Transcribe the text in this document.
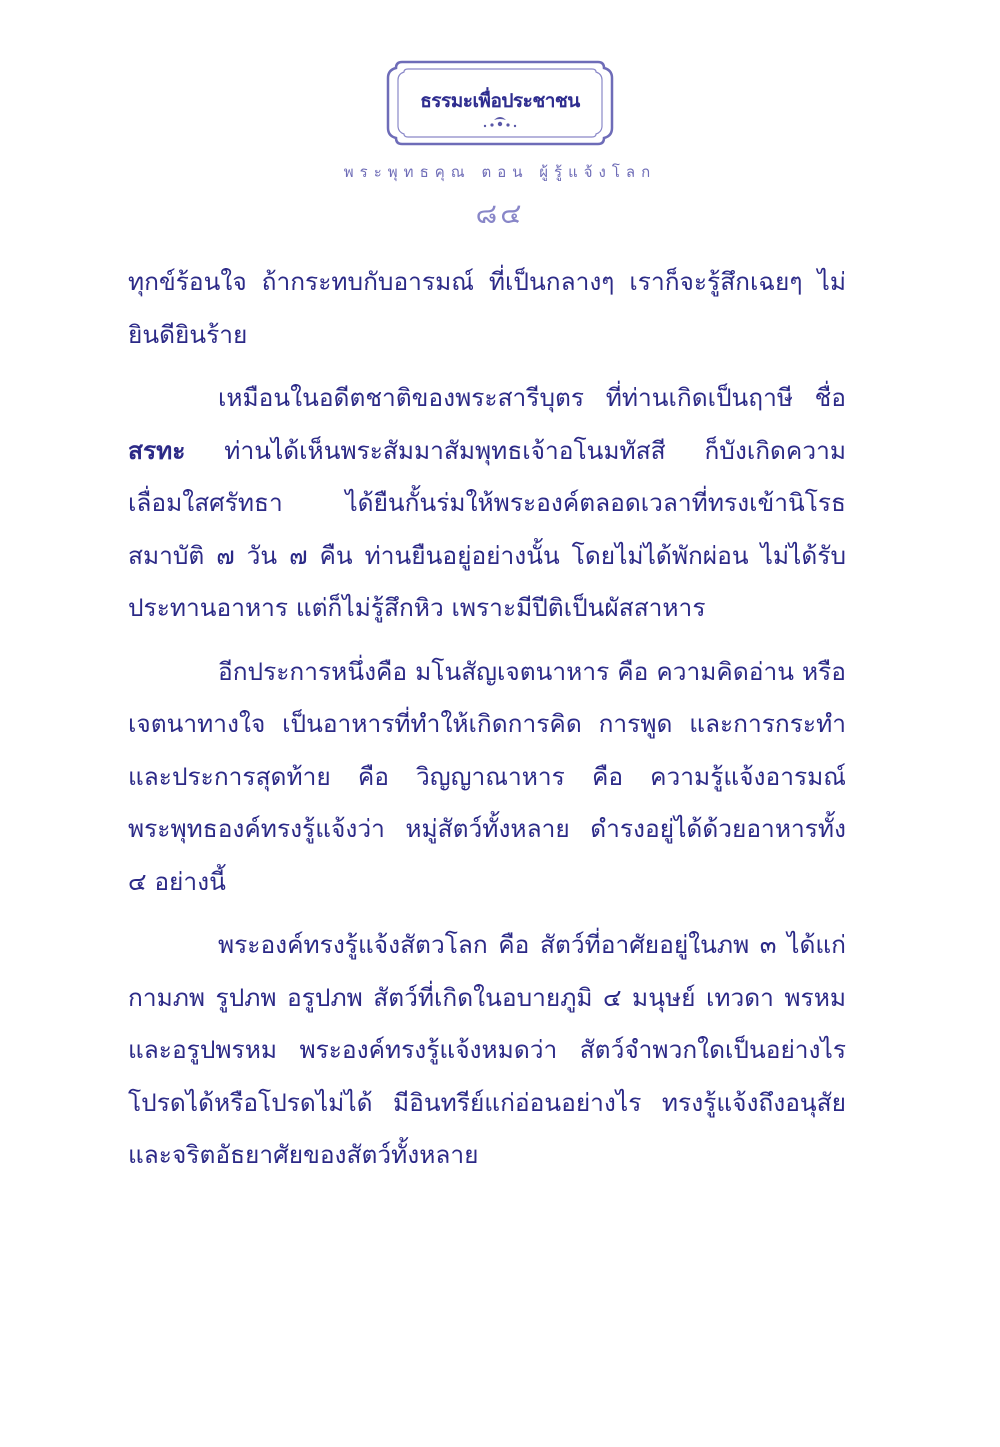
ธรรมะเพื่อประชาชน
พระพุทธคุณ ตอน ผู้รู้แจ้งโลก
๘๔

ทุกข์ร้อนใจ ถ้ากระทบกับอารมณ์ ที่เป็นกลางๆ เราก็จะรู้สึกเฉยๆ ไม่ยินดียินร้าย

เหมือนในอดีตชาติของพระสารีบุตร ที่ท่านเกิดเป็นฤาษี ชื่อ สรทะ ท่านได้เห็นพระสัมมาสัมพุทธเจ้าอโนมทัสสี ก็บังเกิดความเลื่อมใสศรัทธา ได้ยืนกั้นร่มให้พระองค์ตลอดเวลาที่ทรงเข้านิโรธสมาบัติ ๗ วัน ๗ คืน ท่านยืนอยู่อย่างนั้น โดยไม่ได้พักผ่อน ไม่ได้รับประทานอาหาร แต่ก็ไม่รู้สึกหิว เพราะมีปีติเป็นผัสสาหาร

อีกประการหนึ่งคือ มโนสัญเจตนาหาร คือ ความคิดอ่าน หรือเจตนาทางใจ เป็นอาหารที่ทำให้เกิดการคิด การพูด และการกระทำ และประการสุดท้าย คือ วิญญาณาหาร คือ ความรู้แจ้งอารมณ์ พระพุทธองค์ทรงรู้แจ้งว่า หมู่สัตว์ทั้งหลาย ดำรงอยู่ได้ด้วยอาหารทั้ง ๔ อย่างนี้

พระองค์ทรงรู้แจ้งสัตวโลก คือ สัตว์ที่อาศัยอยู่ในภพ ๓ ได้แก่ กามภพ รูปภพ อรูปภพ สัตว์ที่เกิดในอบายภูมิ ๔ มนุษย์ เทวดา พรหม และอรูปพรหม พระองค์ทรงรู้แจ้งหมดว่า สัตว์จำพวกใดเป็นอย่างไร โปรดได้หรือโปรดไม่ได้ มีอินทรีย์แก่อ่อนอย่างไร ทรงรู้แจ้งถึงอนุสัย และจริตอัธยาศัยของสัตว์ทั้งหลาย
